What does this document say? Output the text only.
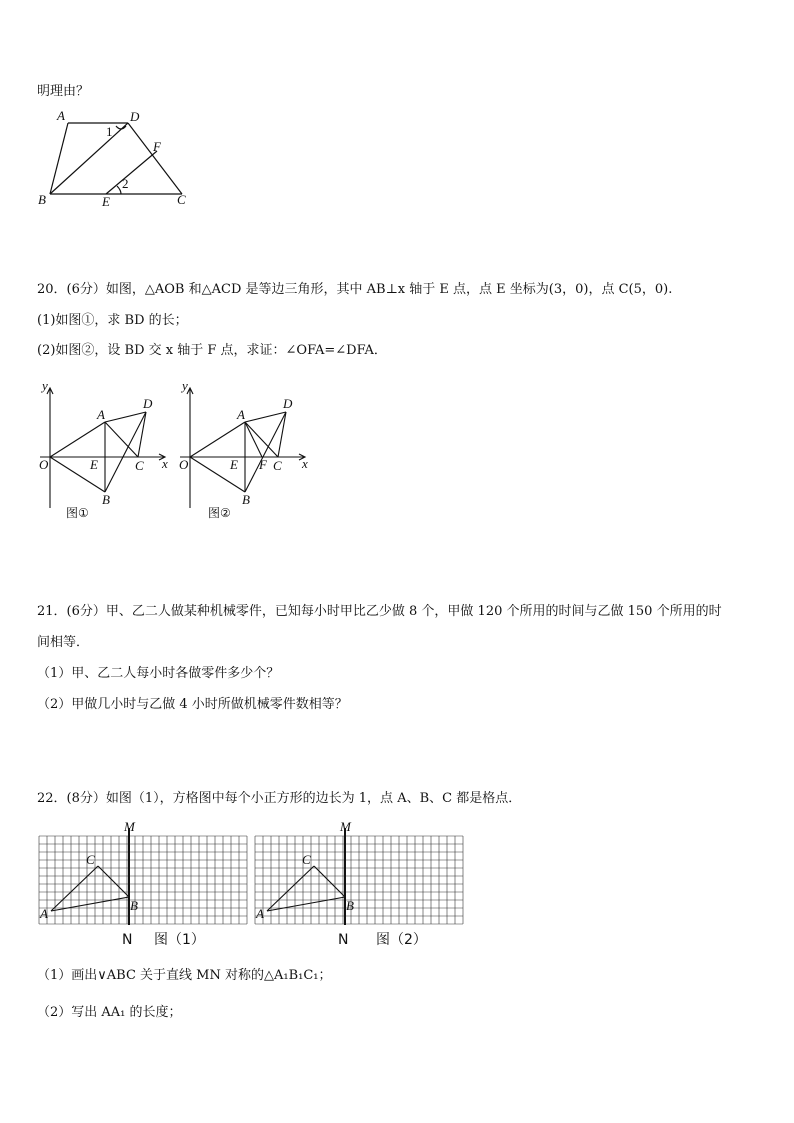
明理由？
A	D
F
B	E	C
1
2
20．(6分）如图，△AOB 和△ACD 是等边三角形，其中 AB⊥x 轴于 E 点，点 E 坐标为(3，0)，点 C(5，0).
(1)如图①，求 BD 的长；
(2)如图②，设 BD 交 x 轴于 F 点，求证：∠OFA=∠DFA．
y
x
O
A
D
E	C
B
图①
y
x
O
A
D
E F C
B
图②
21．(6分）甲、乙二人做某种机械零件，已知每小时甲比乙少做 8 个，甲做 120 个所用的时间与乙做 150 个所用的时
间相等．
（1）甲、乙二人每小时各做零件多少个？
（2）甲做几小时与乙做 4 小时所做机械零件数相等？
22．(8分）如图（1），方格图中每个小正方形的边长为 1，点 A、B、C 都是格点．
M
C
B
A
N 图（1）
M
C
B
A
N 图（2）
（1）画出∨ABC 关于直线 MN 对称的△A₁B₁C₁；
（2）写出 AA₁ 的长度；
